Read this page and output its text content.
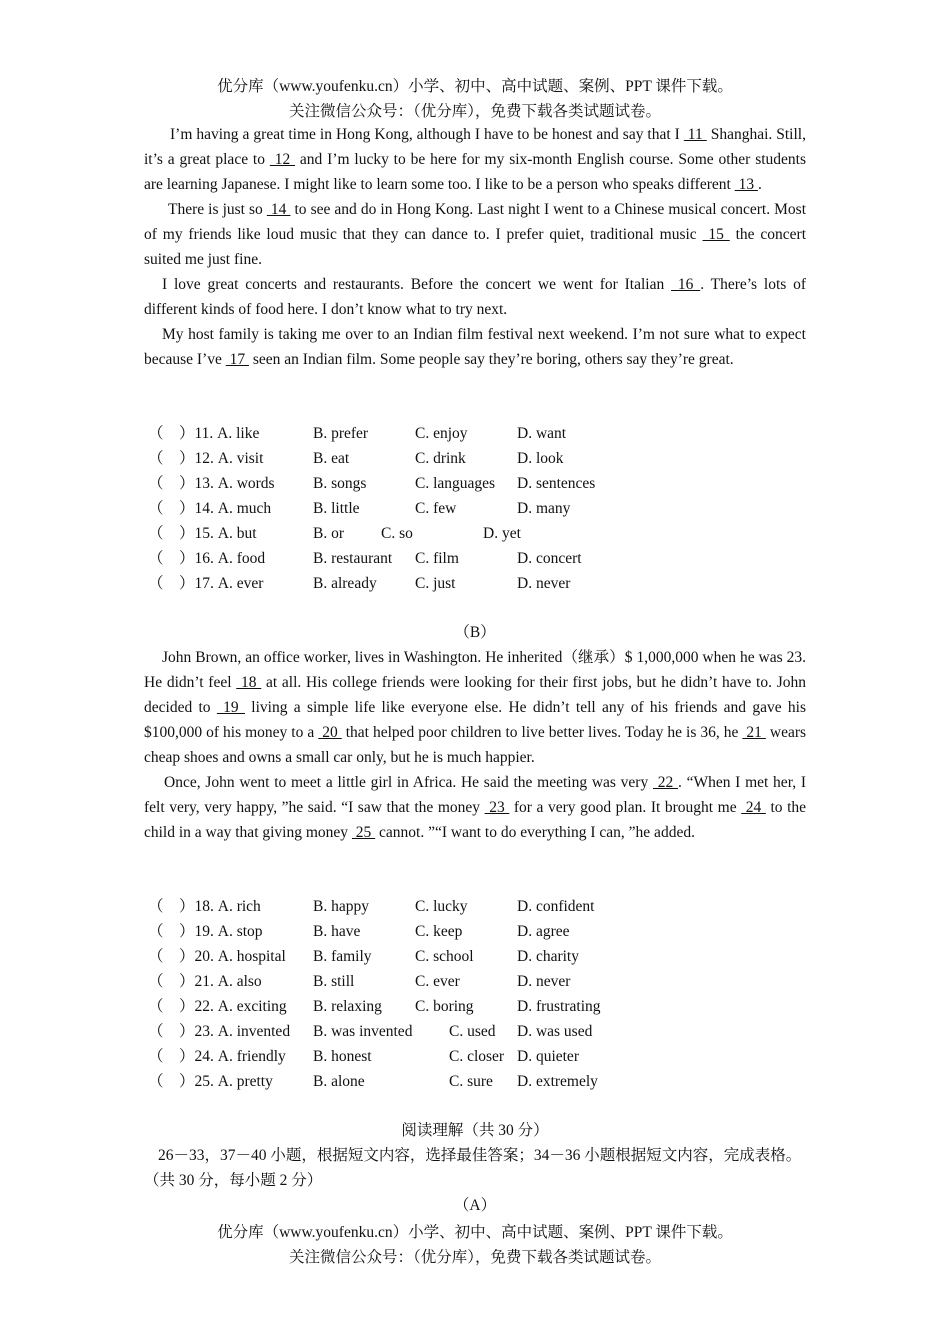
优分库（www.youfenku.cn）小学、初中、高中试题、案例、PPT 课件下载。
关注微信公众号：（优分库），免费下载各类试题试卷。

I’m having a great time in Hong Kong, although I have to be honest and say that I  11  Shanghai. Still, it’s a great place to  12  and I’m lucky to be here for my six-month English course. Some other students are learning Japanese. I might like to learn some too. I like to be a person who speaks different  13 .

There is just so  14  to see and do in Hong Kong. Last night I went to a Chinese musical concert. Most of my friends like loud music that they can dance to. I prefer quiet, traditional music  15  the concert suited me just fine.

I love great concerts and restaurants. Before the concert we went for Italian  16 . There’s lots of different kinds of food here. I don’t know what to try next.

My host family is taking me over to an Indian film festival next weekend. I’m not sure what to expect because I’ve  17  seen an Indian film. Some people say they’re boring, others say they’re great.

（　）11. A. like	B. prefer	C. enjoy	D. want
（　）12. A. visit	B. eat	C. drink	D. look
（　）13. A. words B. songs	C. languages D. sentences
（　）14. A. much	B. little	C. few	D. many
（　）15. A. but	B. or C. so	D. yet
（　）16. A. food	B. restaurant C. film	D. concert
（　）17. A. ever	B. already C. just	D. never
（B）

John Brown, an office worker, lives in Washington. He inherited（继承）$ 1,000,000 when he was 23. He didn’t feel  18  at all. His college friends were looking for their first jobs, but he didn’t have to. John decided to  19  living a simple life like everyone else. He didn’t tell any of his friends and gave his $100,000 of his money to a  20  that helped poor children to live better lives. Today he is 36, he  21  wears cheap shoes and owns a small car only, but he is much happier.

Once, John went to meet a little girl in Africa. He said the meeting was very  22 . “When I met her, I felt very, very happy, ”he said. “I saw that the money  23  for a very good plan. It brought me  24  to the child in a way that giving money  25  cannot. ”“I want to do everything I can, ”he added.

（　）18. A. rich	B. happy	C. lucky	D. confident
（　）19. A. stop	B. have	C. keep	D. agree
（　）20. A. hospital B. family	C. school	D. charity
（　）21. A. also	B. still	C. ever	D. never
（　）22. A. exciting B. relaxing C. boring	D. frustrating
（　）23. A. invented B. was invented C. used D. was used
（　）24. A. friendly B. honest	C. closer D. quieter
（　）25. A. pretty	B. alone	C. sure D. extremely
阅读理解（共 30 分）
26－33，37－40 小题，根据短文内容，选择最佳答案；34－36 小题根据短文内容，完成表格。
（共 30 分，每小题 2 分）
（A）
优分库（www.youfenku.cn）小学、初中、高中试题、案例、PPT 课件下载。
关注微信公众号：（优分库），免费下载各类试题试卷。
